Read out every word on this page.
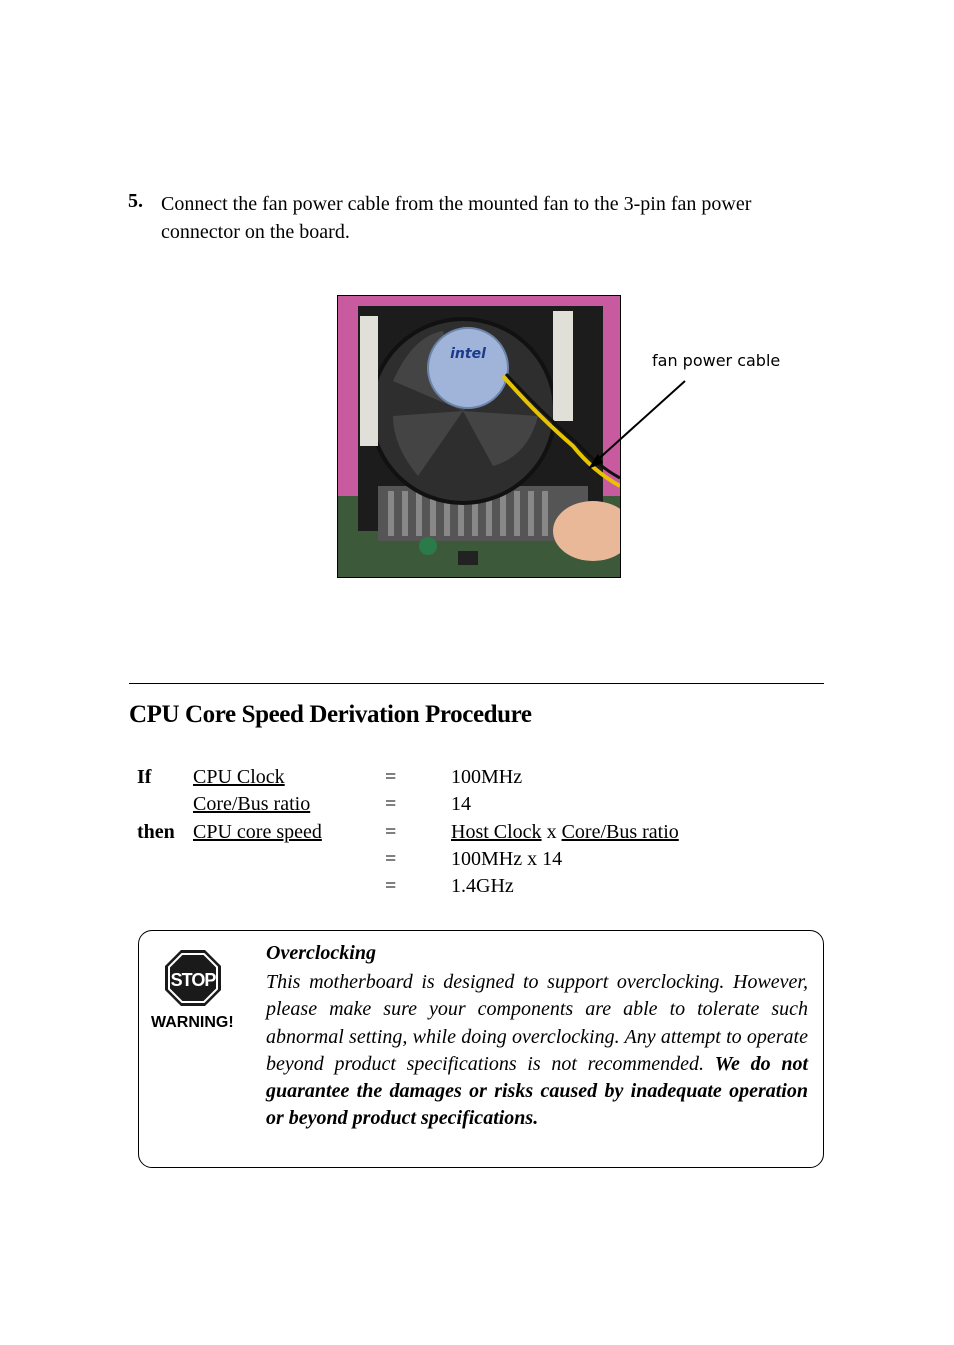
5. Connect the fan power cable from the mounted fan to the 3-pin fan power connector on the board.
intel	fan power cable
CPU Core Speed Derivation Procedure
If CPU Clock	=	100MHz
Core/Bus ratio	=	14
then CPU core speed	=	Host Clock x Core/Bus ratio
=	100MHz x 14
=	1.4GHz
STOP
WARNING!
Overclocking
This motherboard is designed to support overclocking. However, please make sure your components are able to tolerate such abnormal setting, while doing overclocking. Any attempt to operate beyond product specifications is not recommended. We do not guarantee the damages or risks caused by inadequate operation or beyond product specifications.
